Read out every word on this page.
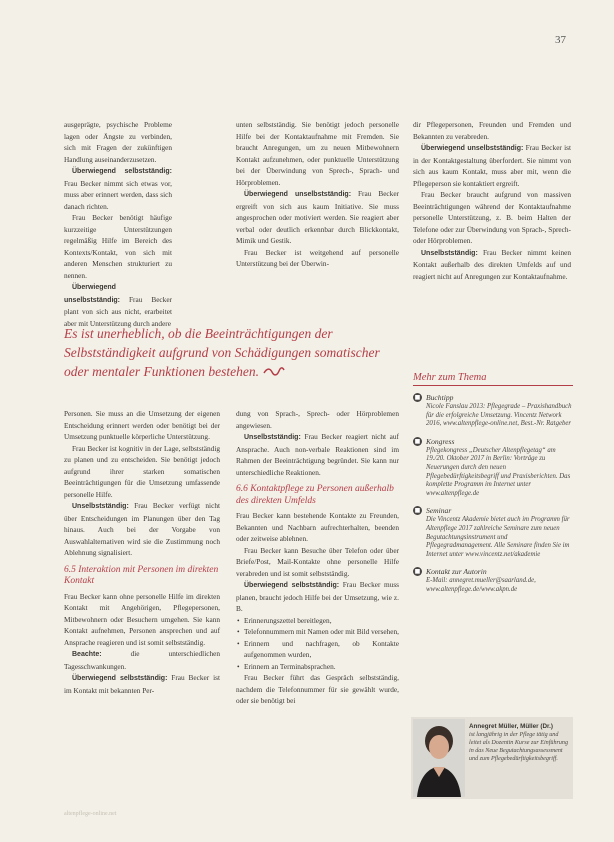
37

ausgeprägte, psychische Probleme lagen oder Ängste zu verbinden, sich mit Fragen der zukünftigen Handlung auseinanderzusetzen.

Überwiegend selbstständig: Frau Becker nimmt sich etwas vor, muss aber erinnert werden, dass sich danach richten.

Frau Becker benötigt häufige kurzzeitige Unterstützungen regelmäßig Hilfe im Bereich des Kontexts/Kontakt, von sich mit anderen Menschen strukturiert zu nennen.

Überwiegend unselbstständig: Frau Becker plant von sich aus nicht, erarbeitet aber mit Unterstützung durch andere

unten selbstständig. Sie benötigt jedoch personelle Hilfe bei der Kontaktaufnahme mit Fremden. Sie braucht Anregungen, um zu neuen Mitbewohnern Kontakt aufzunehmen, oder punktuelle Unterstützung bei der Überwindung von Sprech-, Sprach- und Hörproblemen.

Überwiegend unselbstständig: Frau Becker ergreift von sich aus kaum Initiative. Sie muss angesprochen oder motiviert werden. Sie reagiert aber verbal oder deutlich erkennbar durch Blickkontakt, Mimik und Gestik.

Frau Becker ist weitgehend auf personelle Unterstützung bei der Überwin-

dir Pflegepersonen, Freunden und Fremden und Bekannten zu verabreden.

Überwiegend unselbstständig: Frau Becker ist in der Kontaktgestaltung überfordert. Sie nimmt von sich aus kaum Kontakt, muss aber mit, wenn die Pflegeperson sie kontaktiert ergreift.

Frau Becker braucht aufgrund von massiven Beeinträchtigungen während der Kontaktaufnahme personelle Unterstützung, z. B. beim Halten der Telefone oder zur Überwindung von Sprach-, Sprech- oder Hörproblemen.

Unselbstständig: Frau Becker nimmt keinen Kontakt außerhalb des direkten Umfelds auf und reagiert nicht auf Anregungen zur Kontaktaufnahme.

Es ist unerheblich, ob die Beeinträchtigungen der Selbstständigkeit aufgrund von Schädigungen somatischer oder mentaler Funktionen bestehen.

Personen. Sie muss an die Umsetzung der eigenen Entscheidung erinnert werden oder benötigt bei der Umsetzung punktuelle körperliche Unterstützung.

Frau Becker ist kognitiv in der Lage, selbstständig zu planen und zu entscheiden. Sie benötigt jedoch aufgrund ihrer starken somatischen Beeinträchtigungen für die Umsetzung umfassende personelle Hilfe.

Unselbstständig: Frau Becker verfügt nicht über Entscheidungen im Planungen über den Tag hinaus. Auch bei der Vorgabe von Auswahlalternativen wird sie die Zustimmung noch Ablehnung signalisiert.

6.5 Interaktion mit Personen im direkten Kontakt

Frau Becker kann ohne personelle Hilfe im direkten Kontakt mit Angehörigen, Pflegepersonen, Mitbewohnern oder Besuchern umgehen. Sie kann Kontakt aufnehmen, Personen ansprechen und auf Ansprache reagieren und ist somit selbstständig.

Beachte:	die unterschiedlichen Tagesschwankungen.

Überwiegend selbstständig: Frau Becker ist im Kontakt mit bekannten Per-

dung von Sprach-, Sprech- oder Hörproblemen angewiesen.

Unselbstständig: Frau Becker reagiert nicht auf Ansprache. Auch non-verbale Reaktionen sind im Rahmen der Beeinträchtigung begründet. Sie kann nur unterschiedliche Reaktionen.

6.6 Kontaktpflege zu Personen außerhalb des direkten Umfelds

Frau Becker kann bestehende Kontakte zu Freunden, Bekannten und Nachbarn aufrechterhalten, beenden oder zeitweise ablehnen.

Frau Becker kann Besuche über Telefon oder über Briefe/Post, Mail-Kontakte ohne personelle Hilfe verabreden und ist somit selbstständig.

Überwiegend selbstständig: Frau Becker muss planen, braucht jedoch Hilfe bei der Umsetzung, wie z. B.

• Erinnerungszettel bereitlegen,
• Telefonnummern mit Namen oder mit Bild versehen,
• Erinnern und nachfragen, ob Kontakte aufgenommen wurden,
• Erinnern an Terminabsprachen.

Frau Becker führt das Gespräch selbstständig, nachdem die Telefonnummer für sie gewählt wurde, oder sie benötigt bei

Mehr zum Thema
■ Buchtipp
Nicole Fanslau 2013: Pflegegrade – Praxishandbuch für die erfolgreiche Umsetzung. Vincentz Network 2016, www.altenpflege-online.net, Best.-Nr. Ratgeber
■ Kongress
Pflegekongress „Deutscher Altenpflegetag“ am 19./20. Oktober 2017 in Berlin: Vorträge zu Neuerungen durch den neuen Pflegebedürftigkeitsbegriff und Praxisberichten. Das komplette Programm im Internet unter www.altenpflege.de
■ Seminar
Die Vincentz Akademie bietet auch im Programm für Altenpflege 2017 zahlreiche Seminare zum neuen Begutachtungsinstrument und Pflegegradmanagement. Alle Seminare finden Sie im Internet unter www.vincentz.net/akademie
■ Kontakt zur Autorin
E-Mail: annegret.mueller@saarland.de, www.altenpflege.de/www.akpn.de
Annegret Müller, Müller (Dr.)
ist langjährig in der Pflege tätig und leitet als Dozentin Kurse zur Einführung in das Neue Begutachtungsassessment und zum Pflegebedürftigkeitsbegriff.
altenpflege-online.net
